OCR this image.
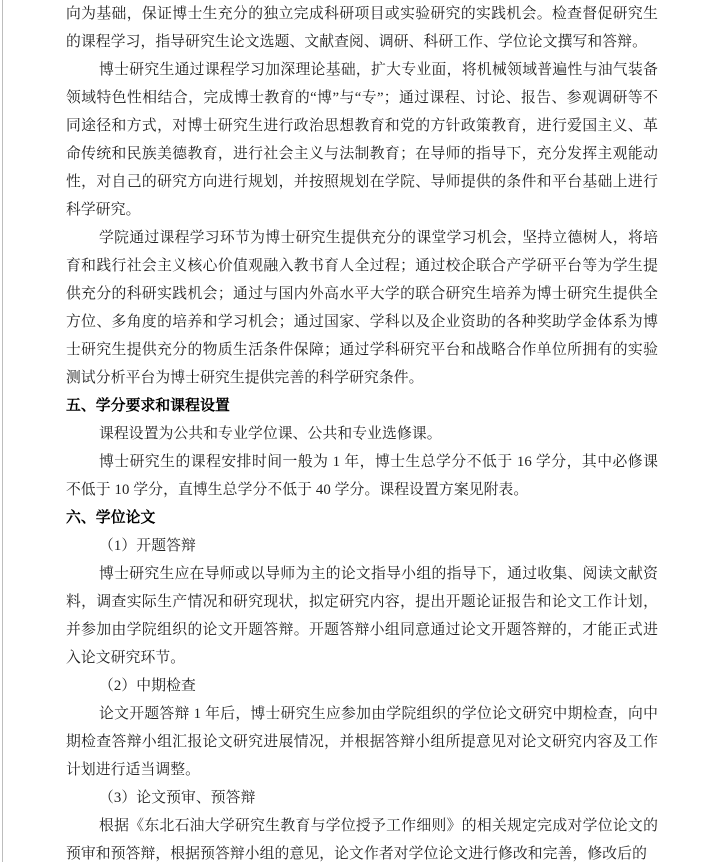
向为基础，保证博士生充分的独立完成科研项目或实验研究的实践机会。检查督促研究生的课程学习，指导研究生论文选题、文献查阅、调研、科研工作、学位论文撰写和答辩。
博士研究生通过课程学习加深理论基础，扩大专业面，将机械领域普遍性与油气装备领域特色性相结合，完成博士教育的“博”与“专”；通过课程、讨论、报告、参观调研等不同途径和方式，对博士研究生进行政治思想教育和党的方针政策教育，进行爱国主义、革命传统和民族美德教育，进行社会主义与法制教育；在导师的指导下，充分发挥主观能动性，对自己的研究方向进行规划，并按照规划在学院、导师提供的条件和平台基础上进行科学研究。
学院通过课程学习环节为博士研究生提供充分的课堂学习机会，坚持立德树人，将培育和践行社会主义核心价值观融入教书育人全过程；通过校企联合产学研平台等为学生提供充分的科研实践机会；通过与国内外高水平大学的联合研究生培养为博士研究生提供全方位、多角度的培养和学习机会；通过国家、学科以及企业资助的各种奖助学金体系为博士研究生提供充分的物质生活条件保障；通过学科研究平台和战略合作单位所拥有的实验测试分析平台为博士研究生提供完善的科学研究条件。
五、学分要求和课程设置
课程设置为公共和专业学位课、公共和专业选修课。
博士研究生的课程安排时间一般为 1 年，博士生总学分不低于 16 学分，其中必修课不低于 10 学分，直博生总学分不低于 40 学分。课程设置方案见附表。
六、学位论文
（1）开题答辩
博士研究生应在导师或以导师为主的论文指导小组的指导下，通过收集、阅读文献资料，调查实际生产情况和研究现状，拟定研究内容，提出开题论证报告和论文工作计划，并参加由学院组织的论文开题答辩。开题答辩小组同意通过论文开题答辩的，才能正式进入论文研究环节。
（2）中期检查
论文开题答辩 1 年后，博士研究生应参加由学院组织的学位论文研究中期检查，向中期检查答辩小组汇报论文研究进展情况，并根据答辩小组所提意见对论文研究内容及工作计划进行适当调整。
（3）论文预审、预答辩
根据《东北石油大学研究生教育与学位授予工作细则》的相关规定完成对学位论文的预审和预答辩，根据预答辩小组的意见，论文作者对学位论文进行修改和完善，修改后的
